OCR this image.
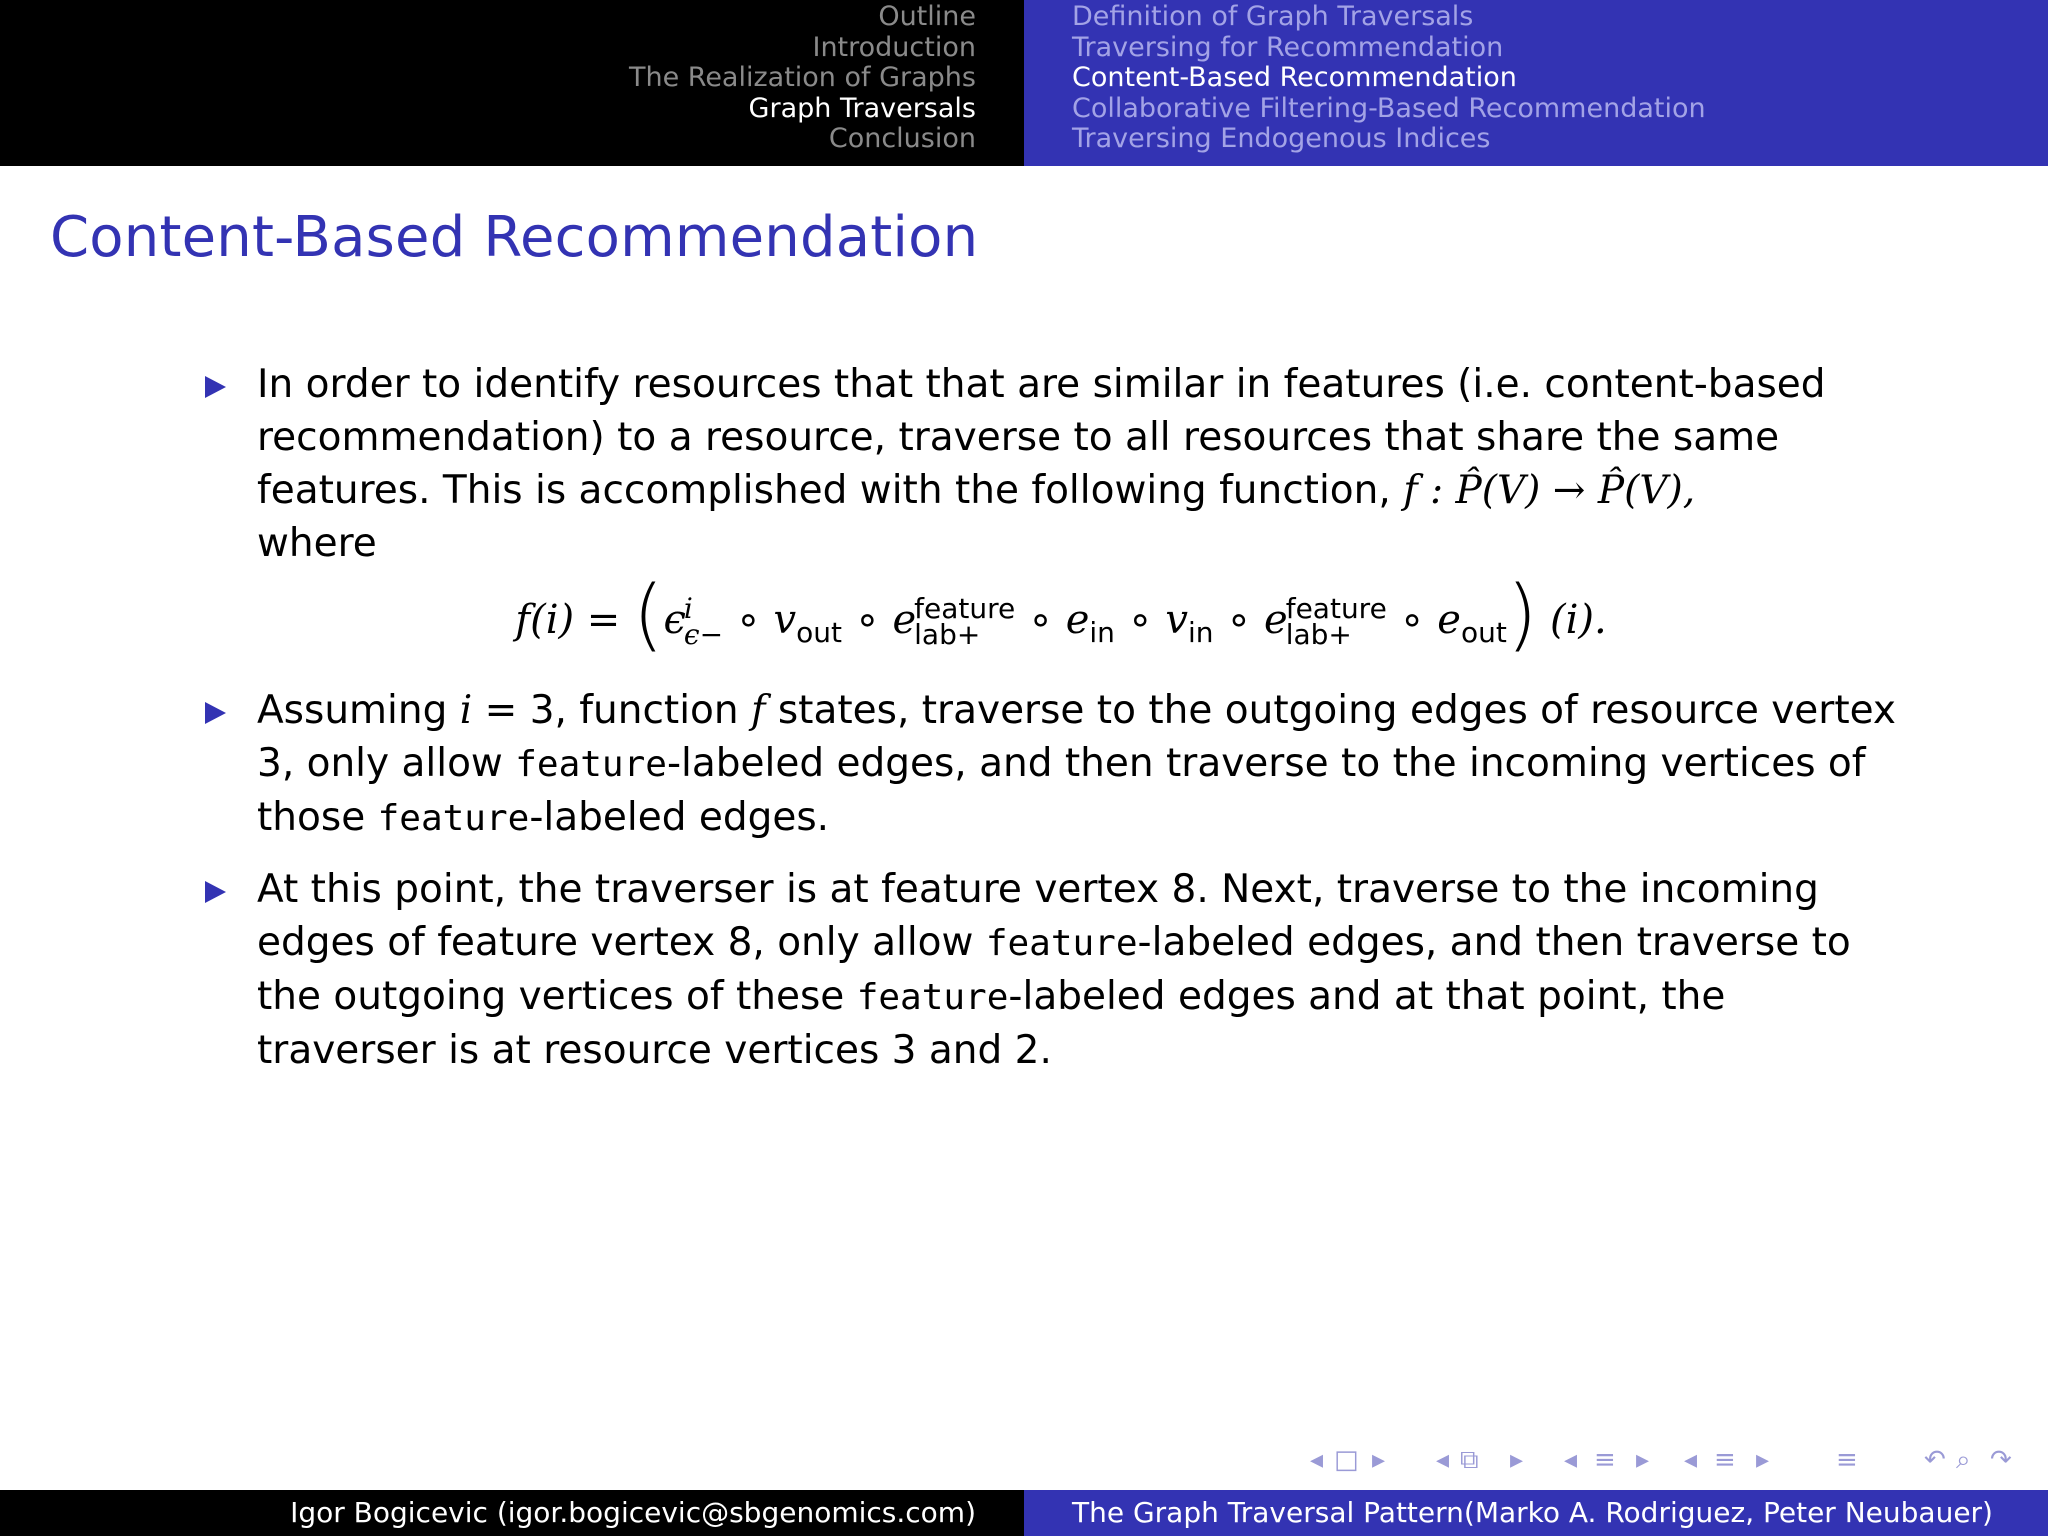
Outline
Introduction
The Realization of Graphs
Graph Traversals
Conclusion
Definition of Graph Traversals
Traversing for Recommendation
Content-Based Recommendation
Collaborative Filtering-Based Recommendation
Traversing Endogenous Indices
Content-Based Recommendation
In order to identify resources that that are similar in features (i.e. content-based recommendation) to a resource, traverse to all resources that share the same features. This is accomplished with the following function, f : P̂(V) → P̂(V),
where
f(i) = (ϵ
i
ϵ− ∘ $v_{out}$ ∘ e
feature
lab+	∘ $e_{in}$ ∘ $v_{in}$ ∘ e
feature
lab+	∘ $e_{out}$) (i).
Assuming i = 3, function f states, traverse to the outgoing edges of resource vertex 3, only allow feature-labeled edges, and then traverse to the incoming vertices of those feature-labeled edges.
At this point, the traverser is at feature vertex 8. Next, traverse to the incoming edges of feature vertex 8, only allow feature-labeled edges, and then traverse to the outgoing vertices of these feature-labeled edges and at that point, the traverser is at resource vertices 3 and 2.
◂ □ ▸ ◂ ⧉ ▸ ◂ ≡ ▸ ◂ ≡ ▸	≡	↶ ⌕ ↷
Igor Bogicevic (igor.bogicevic@sbgenomics.com)	The Graph Traversal Pattern(Marko A. Rodriguez, Peter Neubauer)
